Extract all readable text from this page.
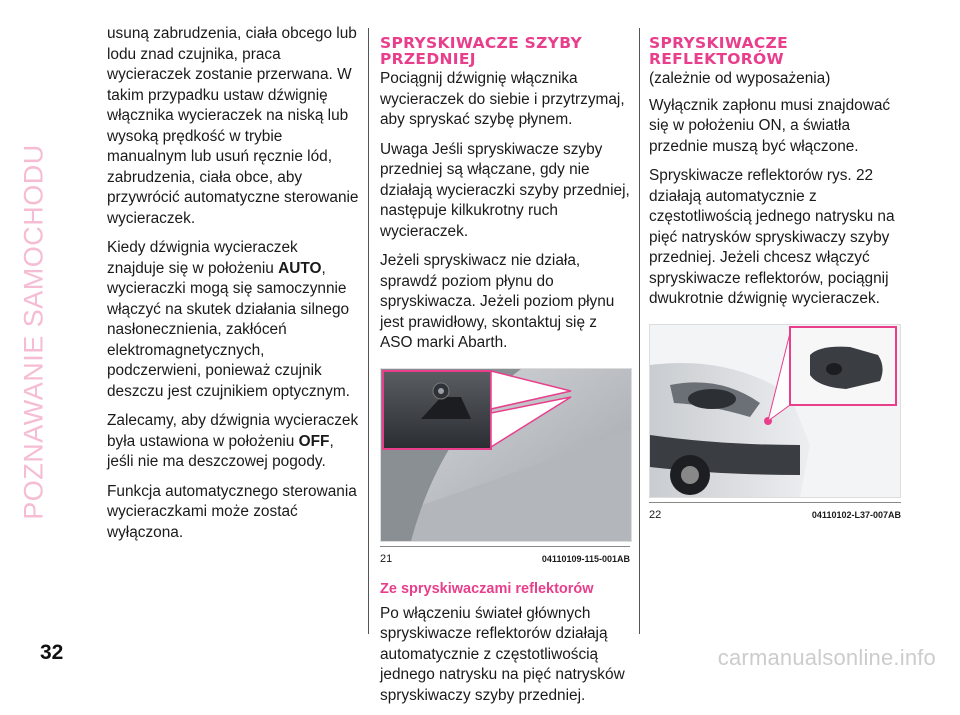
POZNAWANIE SAMOCHODU

usuną zabrudzenia, ciała obcego lub lodu znad czujnika, praca wycieraczek zostanie przerwana. W takim przypadku ustaw dźwignię włącznika wycieraczek na niską lub wysoką prędkość w trybie manualnym lub usuń ręcznie lód, zabrudzenia, ciała obce, aby przywrócić automatyczne sterowanie wycieraczek.

Kiedy dźwignia wycieraczek znajduje się w położeniu AUTO, wycieraczki mogą się samoczynnie włączyć na skutek działania silnego nasłonecznienia, zakłóceń elektromagnetycznych, podczerwieni, ponieważ czujnik deszczu jest czujnikiem optycznym.

Zalecamy, aby dźwignia wycieraczek była ustawiona w położeniu OFF, jeśli nie ma deszczowej pogody.

Funkcja automatycznego sterowania wycieraczkami może zostać wyłączona.

SPRYSKIWACZE SZYBY
PRZEDNIEJ

Pociągnij dźwignię włącznika wycieraczek do siebie i przytrzymaj, aby spryskać szybę płynem.

Uwaga Jeśli spryskiwacze szyby przedniej są włączane, gdy nie działają wycieraczki szyby przedniej, następuje kilkukrotny ruch wycieraczek.

Jeżeli spryskiwacz nie działa, sprawdź poziom płynu do spryskiwacza. Jeżeli poziom płynu jest prawidłowy, skontaktuj się z ASO marki Abarth.

21	04110109-115-001AB
Ze spryskiwaczami reflektorów

Po włączeniu świateł głównych spryskiwacze reflektorów działają automatycznie z częstotliwością jednego natrysku na pięć natrysków spryskiwaczy szyby przedniej.

SPRYSKIWACZE
REFLEKTORÓW

(zależnie od wyposażenia)

Wyłącznik zapłonu musi znajdować się w położeniu ON, a światła przednie muszą być włączone.

Spryskiwacze reflektorów rys. 22 działają automatycznie z częstotliwością jednego natrysku na pięć natrysków spryskiwaczy szyby przedniej. Jeżeli chcesz włączyć spryskiwacze reflektorów, pociągnij dwukrotnie dźwignię wycieraczek.

22	04110102-L37-007AB
32	carmanualsonline.info
